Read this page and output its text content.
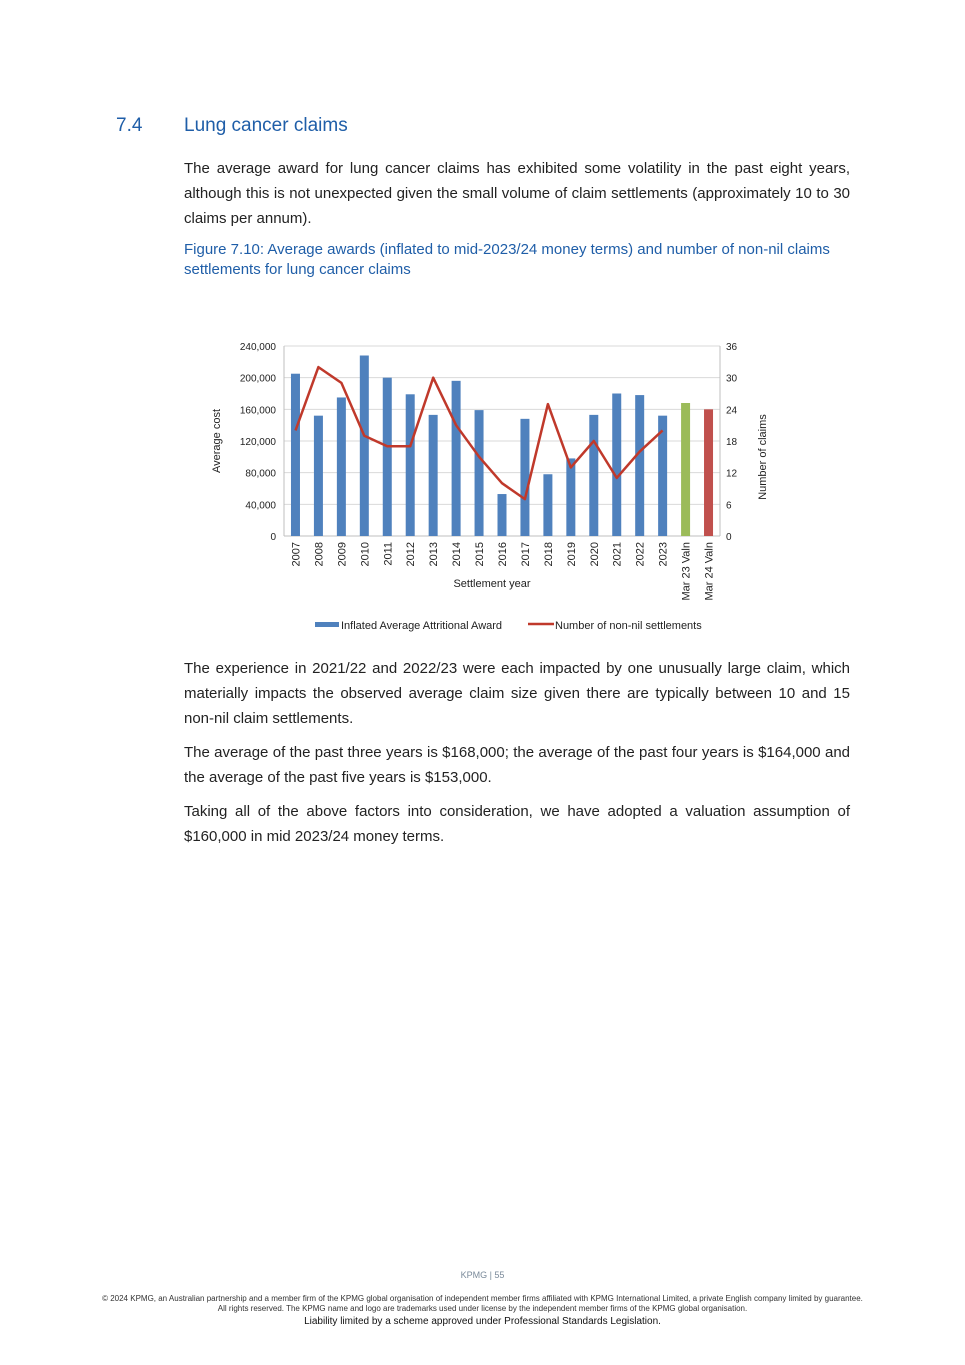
7.4 Lung cancer claims
The average award for lung cancer claims has exhibited some volatility in the past eight years, although this is not unexpected given the small volume of claim settlements (approximately 10 to 30 claims per annum).
Figure 7.10: Average awards (inflated to mid-2023/24 money terms) and number of non-nil claims settlements for lung cancer claims
0
40,000
80,000
120,000
160,000
200,000
240,000
0
6
12
18
24
30
36
2007 2008 2009 2010 2011 2012 2013 2014 2015 2016 2017 2018 2019 2020 2021 2022 2023 Mar 23 Valn Mar 24 Valn
Average cost	Number of claims
Settlement year
Inflated Average Attritional Award	Number of non-nil settlements
The experience in 2021/22 and 2022/23 were each impacted by one unusually large claim, which materially impacts the observed average claim size given there are typically between 10 and 15 non-nil claim settlements.
The average of the past three years is $168,000; the average of the past four years is $164,000 and the average of the past five years is $153,000.
Taking all of the above factors into consideration, we have adopted a valuation assumption of $160,000 in mid 2023/24 money terms.
KPMG | 55
© 2024 KPMG, an Australian partnership and a member firm of the KPMG global organisation of independent member firms affiliated with KPMG International Limited, a private English company limited by guarantee. All rights reserved. The KPMG name and logo are trademarks used under license by the independent member firms of the KPMG global organisation.
Liability limited by a scheme approved under Professional Standards Legislation.
